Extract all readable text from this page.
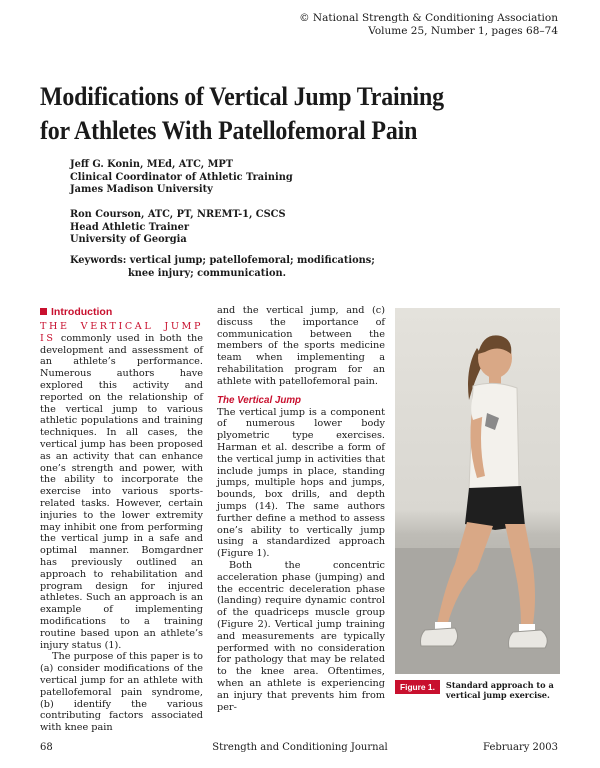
© National Strength & Conditioning Association
Volume 25, Number 1, pages 68–74
Modifications of Vertical Jump Training
for Athletes With Patellofemoral Pain
Jeff G. Konin, MEd, ATC, MPT
Clinical Coordinator of Athletic Training
James Madison University
Ron Courson, ATC, PT, NREMT-1, CSCS
Head Athletic Trainer
University of Georgia
Keywords: vertical jump; patellofemoral; modifications;
knee injury; communication.
Introduction

THE VERTICAL JUMP IS commonly used in both the development and assessment of an athlete’s performance. Numerous authors have explored this activity and reported on the relationship of the vertical jump to various athletic populations and training techniques. In all cases, the vertical jump has been proposed as an activity that can enhance one’s strength and power, with the ability to incorporate the exercise into various sports-related tasks. However, certain injuries to the lower extremity may inhibit one from performing the vertical jump in a safe and optimal manner. Bomgardner has previously outlined an approach to rehabilitation and program design for injured athletes. Such an approach is an example of implementing modifications to a training routine based upon an athlete’s injury status (1).

The purpose of this paper is to (a) consider modifications of the vertical jump for an athlete with patellofemoral pain syndrome, (b) identify the various contributing factors associated with knee pain

and the vertical jump, and (c) discuss the importance of communication between the members of the sports medicine team when implementing a rehabilitation program for an athlete with patellofemoral pain.

The Vertical Jump

The vertical jump is a component of numerous lower body plyometric type exercises. Harman et al. describe a form of the vertical jump in activities that include jumps in place, standing jumps, multiple hops and jumps, bounds, box drills, and depth jumps (14). The same authors further define a method to assess one’s ability to vertically jump using a standardized approach (Figure 1).

Both the concentric acceleration phase (jumping) and the eccentric deceleration phase (landing) require dynamic control of the quadriceps muscle group (Figure 2). Vertical jump training and measurements are typically performed with no consideration for pathology that may be related to the knee area. Oftentimes, when an athlete is experiencing an injury that prevents him from per-

Figure 1. Standard approach to a vertical jump exercise.
68	Strength and Conditioning Journal	February 2003
